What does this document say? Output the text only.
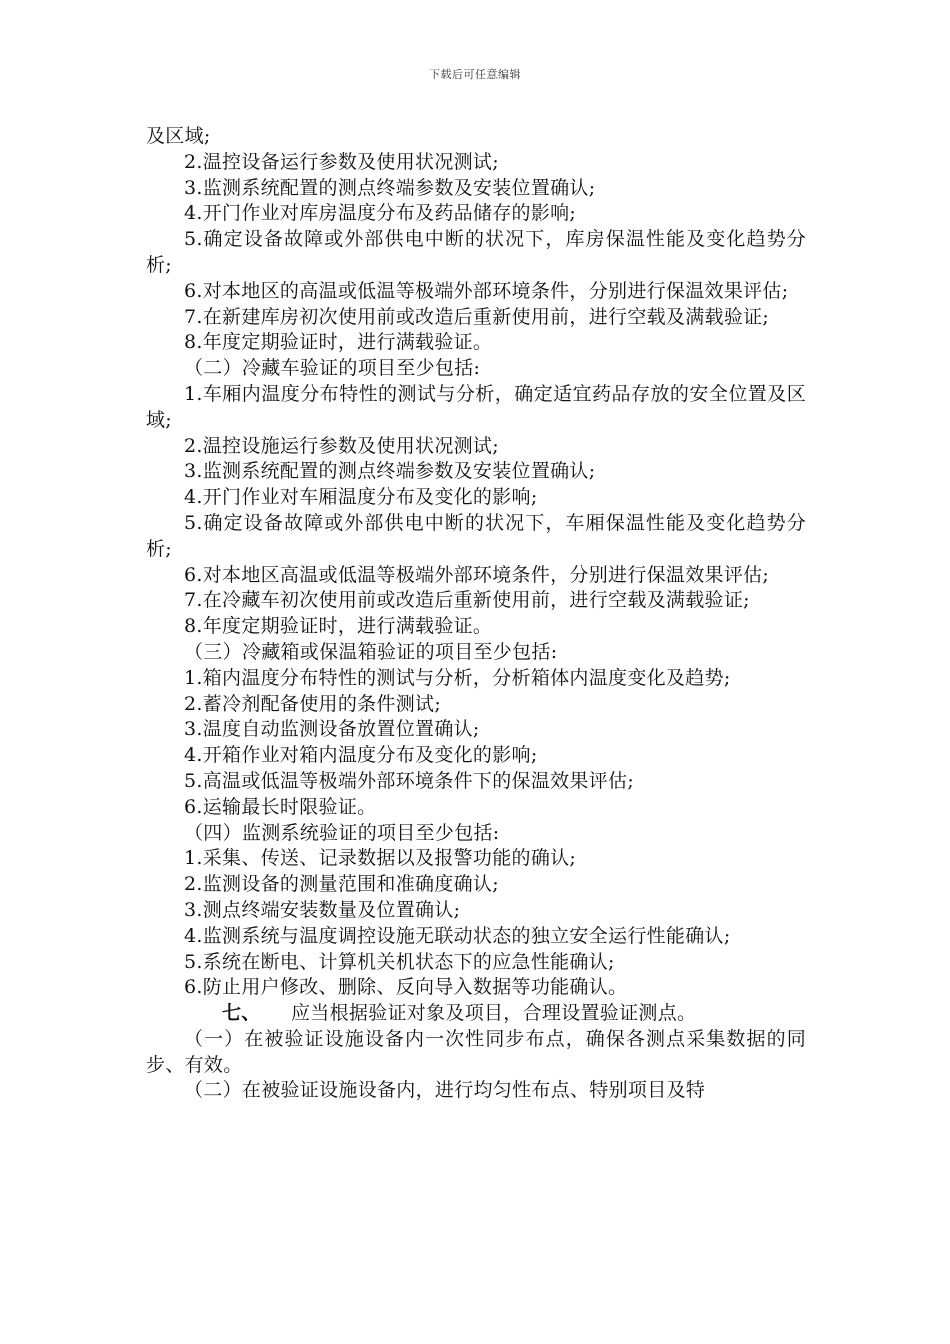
下载后可任意编辑

及区域;

2.温控设备运行参数及使用状况测试;

3.监测系统配置的测点终端参数及安装位置确认;

4.开门作业对库房温度分布及药品储存的影响;

5.确定设备故障或外部供电中断的状况下，库房保温性能及变化趋势分析;

6.对本地区的高温或低温等极端外部环境条件，分别进行保温效果评估;

7.在新建库房初次使用前或改造后重新使用前，进行空载及满载验证;

8.年度定期验证时，进行满载验证。

（二）冷藏车验证的项目至少包括:

1.车厢内温度分布特性的测试与分析，确定适宜药品存放的安全位置及区域;

2.温控设施运行参数及使用状况测试;

3.监测系统配置的测点终端参数及安装位置确认;

4.开门作业对车厢温度分布及变化的影响;

5.确定设备故障或外部供电中断的状况下，车厢保温性能及变化趋势分析;

6.对本地区高温或低温等极端外部环境条件，分别进行保温效果评估;

7.在冷藏车初次使用前或改造后重新使用前，进行空载及满载验证;

8.年度定期验证时，进行满载验证。

（三）冷藏箱或保温箱验证的项目至少包括:

1.箱内温度分布特性的测试与分析，分析箱体内温度变化及趋势;

2.蓄冷剂配备使用的条件测试;

3.温度自动监测设备放置位置确认;

4.开箱作业对箱内温度分布及变化的影响;

5.高温或低温等极端外部环境条件下的保温效果评估;

6.运输最长时限验证。

（四）监测系统验证的项目至少包括:

1.采集、传送、记录数据以及报警功能的确认;

2.监测设备的测量范围和准确度确认;

3.测点终端安装数量及位置确认;

4.监测系统与温度调控设施无联动状态的独立安全运行性能确认;

5.系统在断电、计算机关机状态下的应急性能确认;

6.防止用户修改、删除、反向导入数据等功能确认。

七、 应当根据验证对象及项目，合理设置验证测点。

（一）在被验证设施设备内一次性同步布点，确保各测点采集数据的同步、有效。

（二）在被验证设施设备内，进行均匀性布点、特别项目及特
